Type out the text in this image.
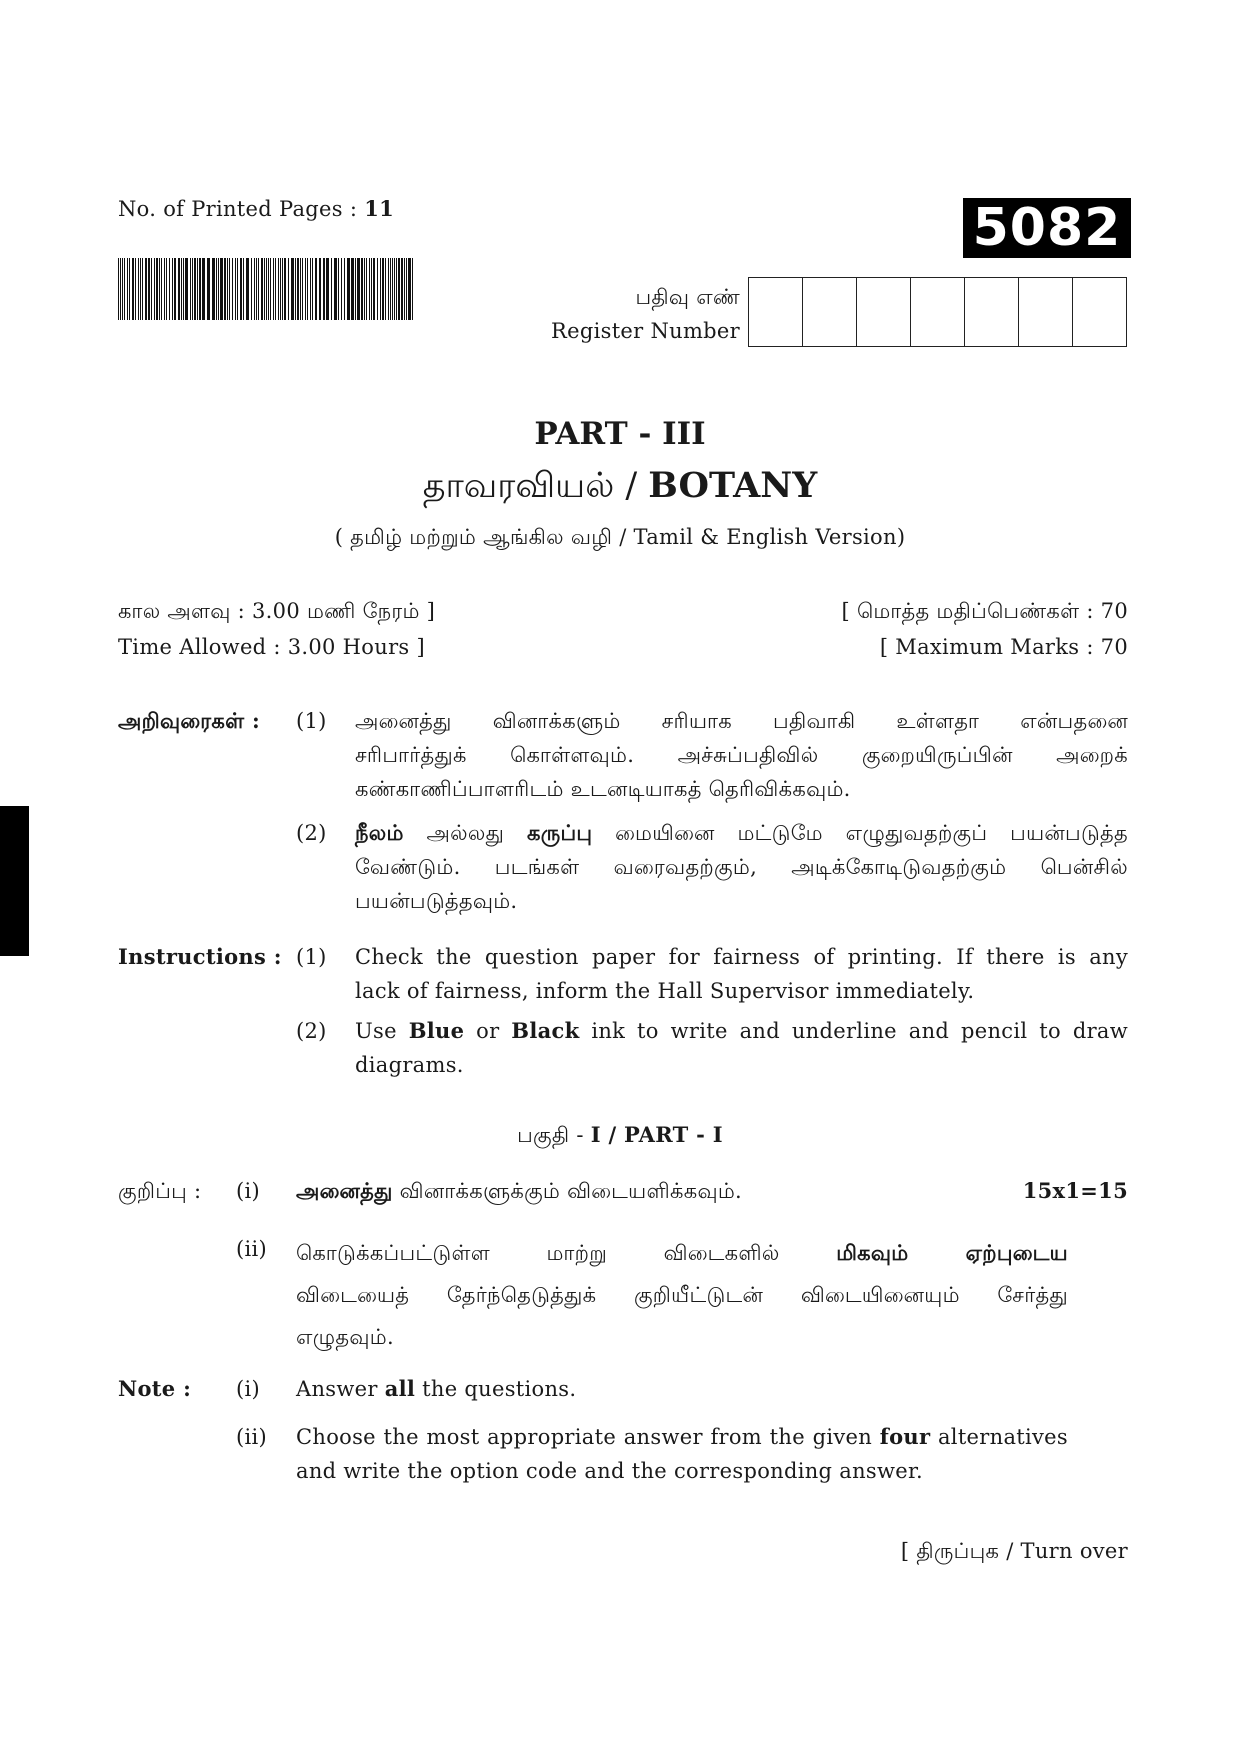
No. of Printed Pages : 11	5082
பதிவு எண்
Register Number
PART - III
தாவரவியல் / BOTANY
( தமிழ் மற்றும் ஆங்கில வழி / Tamil & English Version)
கால அளவு : 3.00 மணி நேரம் ]
Time Allowed : 3.00 Hours ]
[ மொத்த மதிப்பெண்கள் : 70
[ Maximum Marks : 70
அறிவுரைகள் : (1) அனைத்து வினாக்களும் சரியாக பதிவாகி உள்ளதா என்பதனை
சரிபார்த்துக் கொள்ளவும். அச்சுப்பதிவில் குறையிருப்பின் அறைக்
கண்காணிப்பாளரிடம் உடனடியாகத் தெரிவிக்கவும்.
(2) நீலம் அல்லது கருப்பு மையினை மட்டுமே எழுதுவதற்குப் பயன்படுத்த
வேண்டும். படங்கள் வரைவதற்கும், அடிக்கோடிடுவதற்கும் பென்சில்
பயன்படுத்தவும்.
Instructions : (1) Check the question paper for fairness of printing. If there is any
lack of fairness, inform the Hall Supervisor immediately.
(2) Use Blue or Black ink to write and underline and pencil to draw
diagrams.
பகுதி - I / PART - I
குறிப்பு : (i) அனைத்து வினாக்களுக்கும் விடையளிக்கவும்.	15x1=15
(ii) கொடுக்கப்பட்டுள்ள மாற்று விடைகளில் மிகவும் ஏற்புடைய
விடையைத் தேர்ந்தெடுத்துக் குறியீட்டுடன் விடையினையும் சேர்த்து
எழுதவும்.
Note : (i) Answer all the questions.
(ii) Choose the most appropriate answer from the given four alternatives
and write the option code and the corresponding answer.
[ திருப்புக / Turn over
